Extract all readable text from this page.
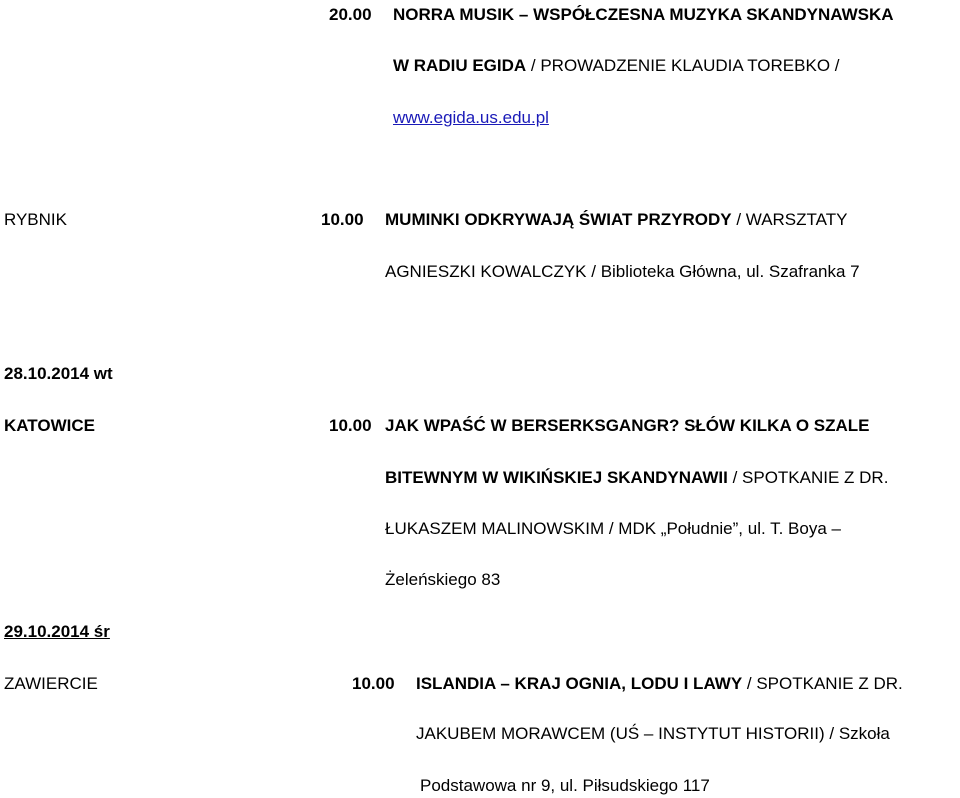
20.00 NORRA MUSIK – WSPÓŁCZESNA MUZYKA SKANDYNAWSKA
W RADIU EGIDA / PROWADZENIE KLAUDIA TOREBKO /
www.egida.us.edu.pl
RYBNIK	10.00 MUMINKI ODKRYWAJĄ ŚWIAT PRZYRODY / WARSZTATY
AGNIESZKI KOWALCZYK / Biblioteka Główna, ul. Szafranka 7
28.10.2014 wt
KATOWICE	10.00 JAK WPAŚĆ W BERSERKSGANGR? SŁÓW KILKA O SZALE
BITEWNYM W WIKIŃSKIEJ SKANDYNAWII / SPOTKANIE Z DR.
ŁUKASZEM MALINOWSKIM / MDK „Południe”, ul. T. Boya –
Żeleńskiego 83
29.10.2014 śr
ZAWIERCIE	10.00 ISLANDIA – KRAJ OGNIA, LODU I LAWY / SPOTKANIE Z DR.
JAKUBEM MORAWCEM (UŚ – INSTYTUT HISTORII) / Szkoła
Podstawowa nr 9, ul. Piłsudskiego 117
